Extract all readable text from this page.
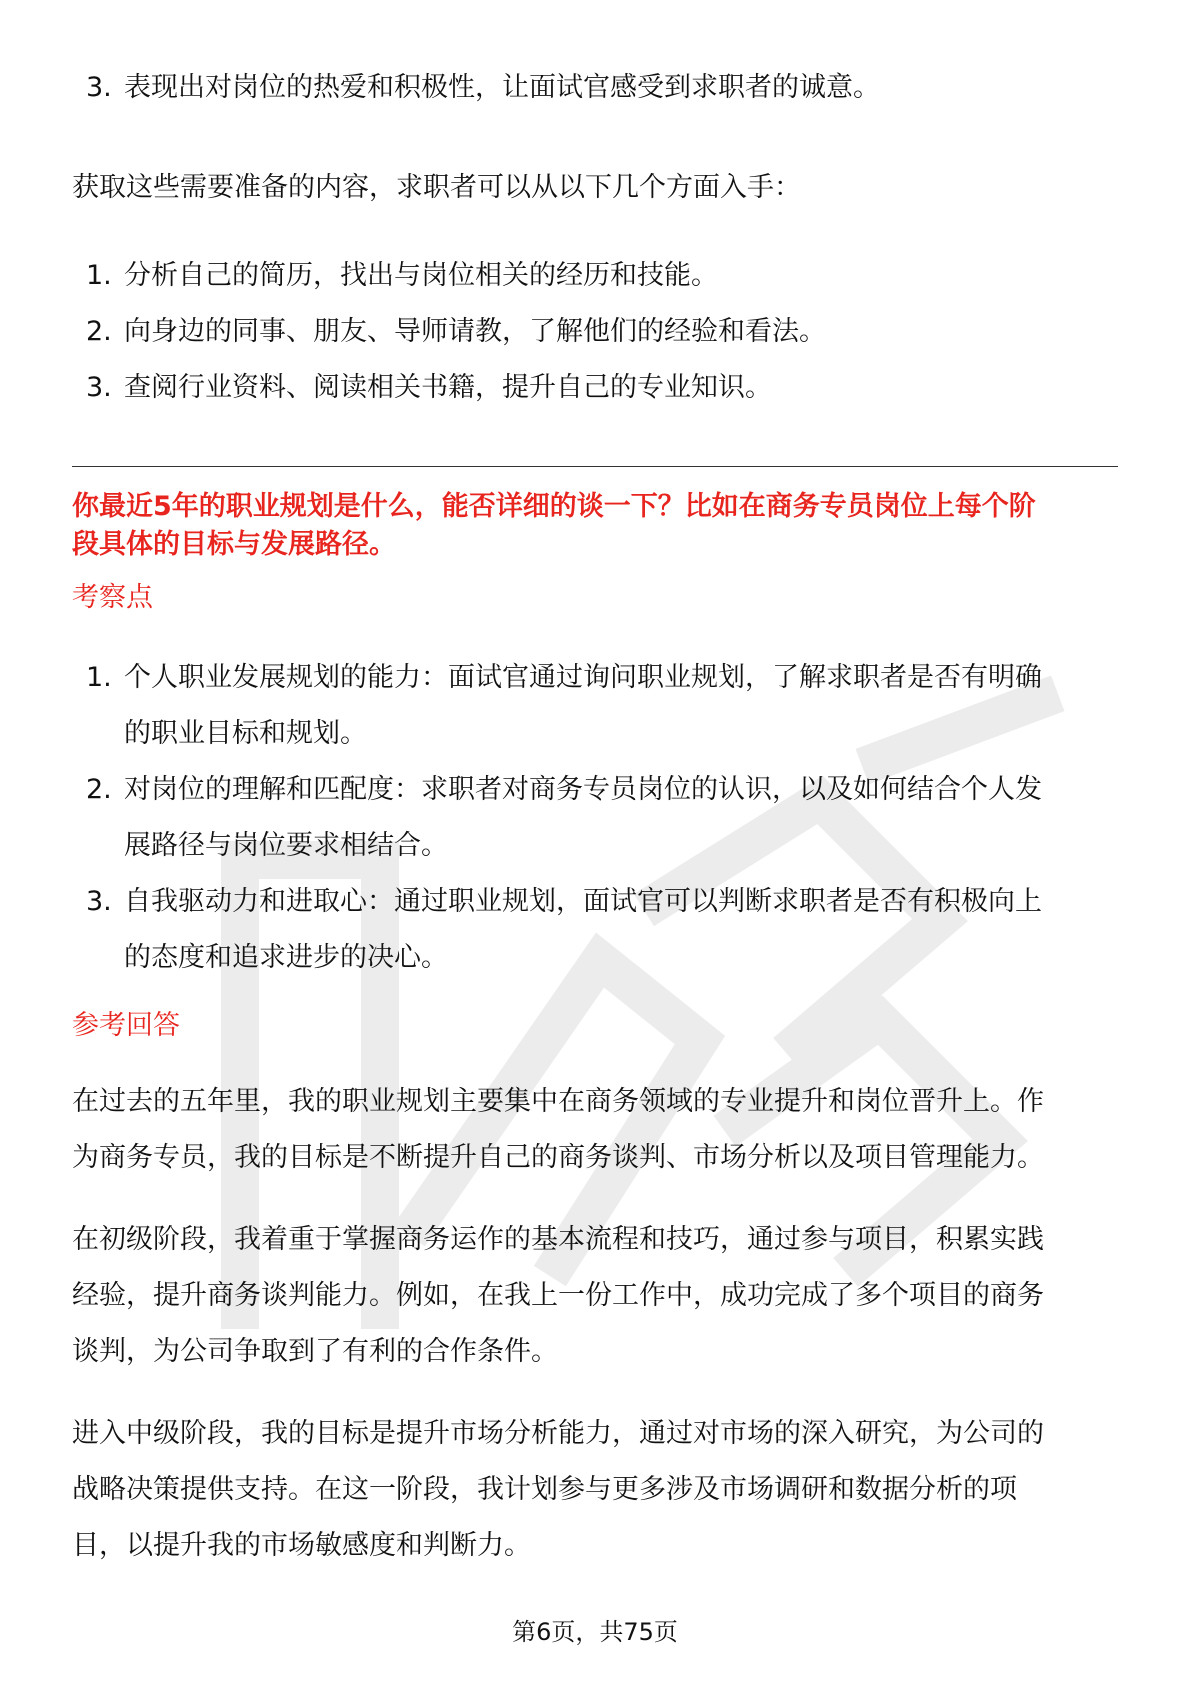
3. 表现出对岗位的热爱和积极性，让面试官感受到求职者的诚意。

获取这些需要准备的内容，求职者可以从以下几个方面入手：

1. 分析自己的简历，找出与岗位相关的经历和技能。
2. 向身边的同事、朋友、导师请教，了解他们的经验和看法。
3. 查阅行业资料、阅读相关书籍，提升自己的专业知识。

你最近5年的职业规划是什么，能否详细的谈一下？比如在商务专员岗位上每个阶

段具体的目标与发展路径。

考察点

1. 个人职业发展规划的能力：面试官通过询问职业规划，了解求职者是否有明确
的职业目标和规划。
2. 对岗位的理解和匹配度：求职者对商务专员岗位的认识，以及如何结合个人发
展路径与岗位要求相结合。
3. 自我驱动力和进取心：通过职业规划，面试官可以判断求职者是否有积极向上
的态度和追求进步的决心。

参考回答

在过去的五年里，我的职业规划主要集中在商务领域的专业提升和岗位晋升上。作

为商务专员，我的目标是不断提升自己的商务谈判、市场分析以及项目管理能力。

在初级阶段，我着重于掌握商务运作的基本流程和技巧，通过参与项目，积累实践

经验，提升商务谈判能力。例如，在我上一份工作中，成功完成了多个项目的商务

谈判，为公司争取到了有利的合作条件。

进入中级阶段，我的目标是提升市场分析能力，通过对市场的深入研究，为公司的

战略决策提供支持。在这一阶段，我计划参与更多涉及市场调研和数据分析的项

目，以提升我的市场敏感度和判断力。

第6页，共75页
